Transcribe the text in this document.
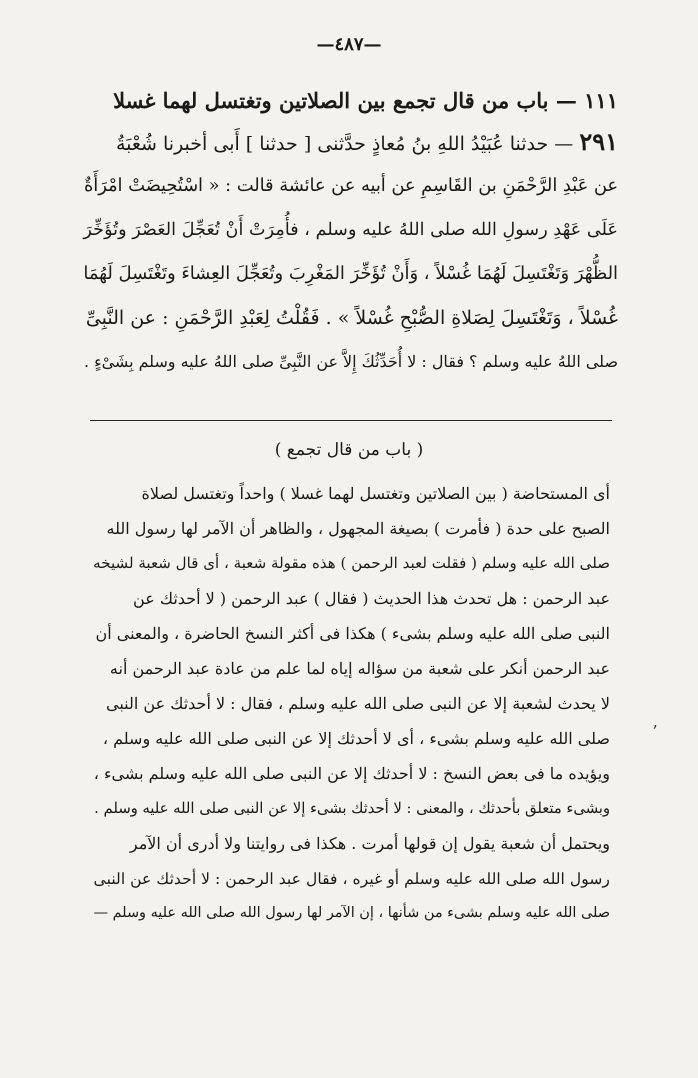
—٤٨٧—
١١١ — باب من قال تجمع بين الصلاتين وتغتسل لهما غسلا
٢٩١ — حدثنا عُبَيْدُ اللهِ بنُ مُعاذٍ حدَّثنى [ حدثنا ] أَبى أخبرنا شُعْبَةُ
عن عَبْدِ الرَّحْمَنِ بن القَاسِمِ عن أبيه عن عائشة قالت : « اسْتُحِيضَتْ امْرَأَةٌ
عَلَى عَهْدِ رسولِ الله صلى اللهُ عليه وسلم ، فأُمِرَتْ أَنْ تُعَجِّلَ العَصْرَ وتُؤَخِّرَ
الظُّهْرَ وَتَغْتَسِلَ لَهُمَا غُسْلاً ، وَأَنْ تُؤَخِّرَ المَغْرِبَ وتُعَجِّلَ العِشاءَ وتَغْتَسِلَ لَهُمَا
غُسْلاً ، وَتَغْتَسِلَ لِصَلاةِ الصُّبْحِ غُسْلاً » . فَقُلْتُ لِعَبْدِ الرَّحْمَنِ : عن النَّبِىِّ
صلى اللهُ عليه وسلم ؟ فقال : لا أُحَدِّثُكَ إِلاَّ عن النَّبِىِّ صلى اللهُ عليه وسلم بِشَىْءٍ .
( باب من قال تجمع )
أى المستحاضة ( بين الصلاتين وتغتسل لهما غسلا ) واحداً وتغتسل لصلاة
الصبح على حدة ( فأمرت ) بصيغة المجهول ، والظاهر أن الآمر لها رسول الله
صلى الله عليه وسلم ( فقلت لعبد الرحمن ) هذه مقولة شعبة ، أى قال شعبة لشيخه
عبد الرحمن : هل تحدث هذا الحديث ( فقال ) عبد الرحمن ( لا أحدثك عن
النبى صلى الله عليه وسلم بشىء ) هكذا فى أكثر النسخ الحاضرة ، والمعنى أن
عبد الرحمن أنكر على شعبة من سؤاله إياه لما علم من عادة عبد الرحمن أنه
لا يحدث لشعبة إلا عن النبى صلى الله عليه وسلم ، فقال : لا أحدثك عن النبى
صلى الله عليه وسلم بشىء ، أى لا أحدثك إلا عن النبى صلى الله عليه وسلم ،
ويؤيده ما فى بعض النسخ : لا أحدثك إلا عن النبى صلى الله عليه وسلم بشىء ،
وبشىء متعلق بأحدثك ، والمعنى : لا أحدثك بشىء إلا عن النبى صلى الله عليه وسلم .
ويحتمل أن شعبة يقول إن قولها أمرت . هكذا فى روايتنا ولا أدرى أن الآمر
رسول الله صلى الله عليه وسلم أو غيره ، فقال عبد الرحمن : لا أحدثك عن النبى
صلى الله عليه وسلم بشىء من شأنها ، إن الآمر لها رسول الله صلى الله عليه وسلم —
ʼ
